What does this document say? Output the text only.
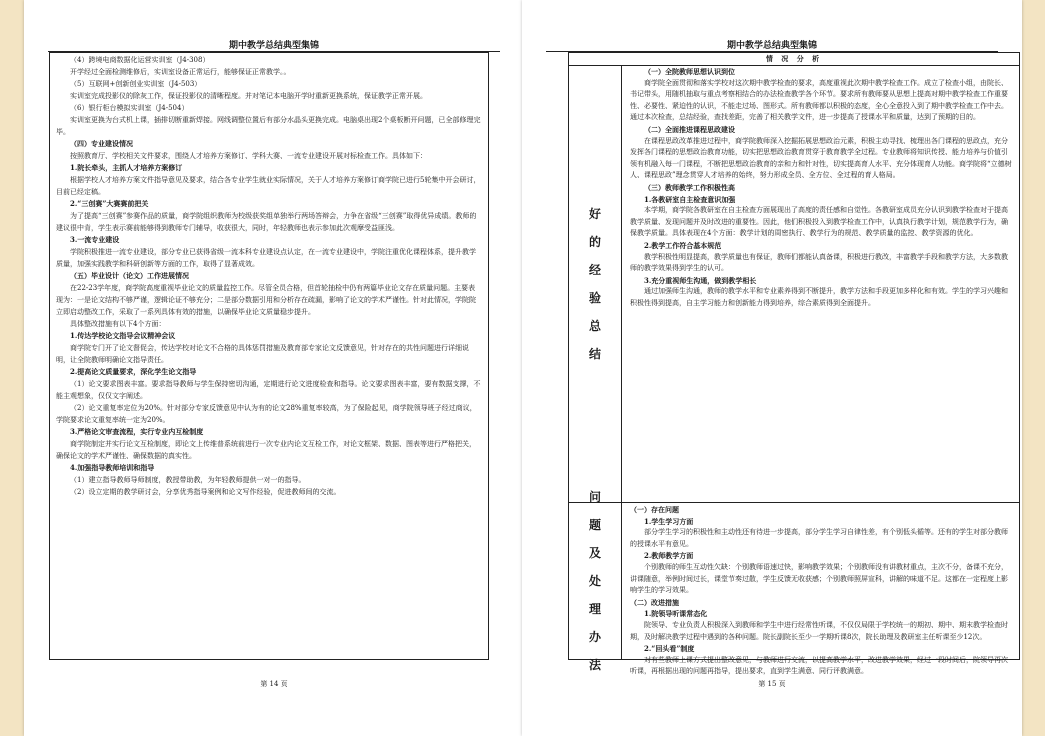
期中教学总结典型集锦

（4）跨境电商数据化运营实训室（J4-308）

开学经过全面检测维修后，实训室设备正常运行，能够保证正常教学。。

（5）互联网+创新创业实训室（J4-503）

实训室完成投影仪的除灰工作，保证投影仪的清晰程度。并对笔记本电脑开学时重新更换系统，保证教学正常开展。

（6）银行柜台模拟实训室（J4-504）

实训室更换为台式机上课，插排切断重新焊接。网线调整位置后有部分水晶头更换完成。电脑桌出现2个桌板断开问题，已全部修理完毕。

（四）专业建设情况

按照教育厅、学校相关文件要求，围绕人才培养方案修订、学科大赛、一流专业建设开展对标检查工作。具体如下：

1.院长牵头，主抓人才培养方案修订

根据学校人才培养方案文件指导意见及要求，结合各专业学生就业实际情况，关于人才培养方案修订商学院已进行5轮集中开会研讨，目前已经定稿。

2.“三创赛”大赛赛前把关

为了提高“三创赛”参赛作品的质量，商学院组织教师为校级获奖组单独举行两场答辩会，力争在省级“三创赛”取得优异成绩。教师的建议很中肯，学生表示赛前能够得到教师专门辅导，收获很大，同时，年轻教师也表示参加此次观摩受益匪浅。

3.一流专业建设

学院积极推进一流专业建设，部分专业已获得省级一流本科专业建设点认定，在一流专业建设中，学院注重优化课程体系，提升教学质量，加强实践教学和科研创新等方面的工作，取得了显著成效。

（五）毕业设计（论文）工作进展情况

在22-23学年度，商学院高度重视毕业论文的质量监控工作。尽管全员合格，但首轮抽检中仍有两篇毕业论文存在质量问题。主要表现为：一是论文结构不够严谨，逻辑论证不够充分；二是部分数据引用和分析存在疏漏，影响了论文的学术严谨性。针对此情况，学院院立即启动整改工作，采取了一系列具体有效的措施，以确保毕业论文质量稳步提升。

具体整改措施有以下4个方面：

1.传达学校论文指导会议精神会议

商学院专门开了论文督促会，传达学校对论文不合格的具体惩罚措施及教育部专家论文反馈意见，针对存在的共性问题进行详细说明，让全院教师明确论文指导责任。

2.提高论文质量要求，深化学生论文指导

（1）论文要求图表丰富。要求指导教师与学生保持密切沟通，定期进行论文进度检查和指导。论文要求图表丰富，要有数据支撑，不能主观想象，仅仅文字阐述。

（2）论文重复率定位为20%。针对部分专家反馈意见中认为有的论文28%重复率较高，为了保险起见，商学院领导班子经过商议，学院要求论文重复率统一定为20%。

3.严格论文审查流程，实行专业内互检制度

商学院制定并实行论文互检制度，即论文上传维普系统前进行一次专业内论文互检工作，对论文框架、数据、图表等进行严格把关，确保论文的学术严谨性、确保数据的真实性。

4.加强指导教师培训和指导

（1）建立指导教师导师制度，教授带助教，为年轻教师提供一对一的指导。

（2）设立定期的教学研讨会，分享优秀指导案例和论文写作经验，促进教师间的交流。

第 14 页
期中教学总结典型集锦
情 况 分 析
好
的
经
验
总
结

（一）全院教师思想认识到位

商学院全面贯彻和落实学校对这次期中教学检查的要求，高度重视此次期中教学检查工作。成立了检查小组，由院长、书记带头，用随机抽取与重点考察相结合的办法检查教学各个环节。要求所有教师要从思想上提高对期中教学检查工作重要性、必要性、紧迫性的认识，不能走过场、图形式。所有教师都以积极的态度，全心全意投入到了期中教学检查工作中去。通过本次检查，总结经验，查找差距，完善了相关教学文件，进一步提高了授课水平和质量，达到了预期的目的。

（二）全面推进课程思政建设

在课程思政改革推进过程中，商学院教师深入挖掘拓展思想政治元素，积极主动寻找、梳理出各门课程的思政点，充分发挥各门课程的思想政治教育功能，切实把思想政治教育贯穿于教育教学全过程。专业教师将知识传授、能力培养与价值引领有机融入每一门课程，不断把思想政治教育的亲和力和针对性，切实提高育人水平、充分体现育人功能。商学院将“立德树人、课程思政”理念贯穿人才培养的始终，努力形成全员、全方位、全过程的育人格局。

（三）教师教学工作积极性高

1.各教研室自主检查意识加强

本学期，商学院各教研室在自主检查方面展现出了高度的责任感和自觉性。各教研室成员充分认识到教学检查对于提高教学质量、发现问题并及时改进的重要性。因此，他们积极投入到教学检查工作中，认真执行教学计划，规范教学行为，确保教学质量。具体表现在4个方面：教学计划的周密执行、教学行为的规范、教学质量的监控、教学资源的优化。

2.教学工作符合基本规范

教学积极性明显提高，教学质量也有保证，教师们都能认真备课，积极进行教改，丰富教学手段和教学方法，大多数教师的教学效果得到学生的认可。

3.充分重视师生沟通，做到教学相长

通过加强师生沟通，教师的教学水平和专业素养得到不断提升，教学方法和手段更加多样化和有效。学生的学习兴趣和积极性得到提高，自主学习能力和创新能力得到培养，综合素质得到全面提升。

问
题
及
处
理
办
法

（一）存在问题

1.学生学习方面

部分学生学习的积极性和主动性还有待进一步提高，部分学生学习自律性差，有个别低头循等。还有的学生对部分教师的授课水平有意见。

2.教师教学方面

个别教师的师生互动性欠缺：个别教师语速过快，影响教学效果；个别教师没有讲教材重点，主次不分，备课不充分，讲课随意，举例时间过长，课堂节奏过散，学生反馈无收获感；个别教师照屏宣科，讲解的味道不足。这都在一定程度上影响学生的学习效果。

（二）改进措施

1.院领导听课常态化

院领导、专业负责人积极深入到教师和学生中进行经常性听课，不仅仅局限于学校统一的期初、期中、期末教学检查时期，及时解决教学过程中遇到的各种问题。院长副院长至少一学期听课8次，院长助理及教研室主任听课至少12次。

2.“回头看”制度

对有些教师上课方式提出整改意见，与教师进行交流，以提高教学水平，改进教学效果，经过一段时间后，院领导再次听课，再根据出现的问题再指导，提出要求，直到学生满意、同行评教满意。

第 15 页
